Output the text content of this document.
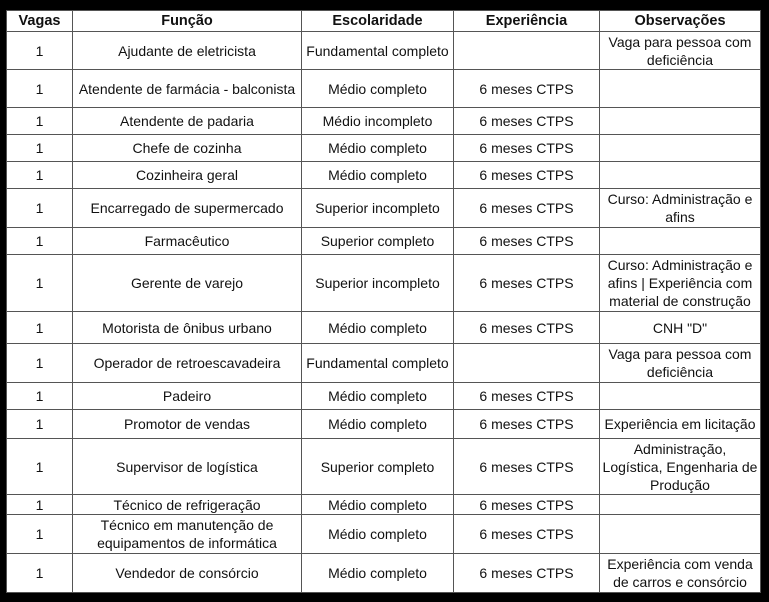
Vagas	Função	Escolaridade	Experiência	Observações
1	Ajudante de eletricista	Fundamental completo		Vaga para pessoa com deficiência
1	Atendente de farmácia - balconista	Médio completo	6 meses CTPS	
1	Atendente de padaria	Médio incompleto	6 meses CTPS	
1	Chefe de cozinha	Médio completo	6 meses CTPS	
1	Cozinheira geral	Médio completo	6 meses CTPS	
1	Encarregado de supermercado	Superior incompleto	6 meses CTPS	Curso: Administração e afins
1	Farmacêutico	Superior completo	6 meses CTPS	
1	Gerente de varejo	Superior incompleto	6 meses CTPS	Curso: Administração e afins | Experiência com material de construção
1	Motorista de ônibus urbano	Médio completo	6 meses CTPS	CNH "D"
1	Operador de retroescavadeira	Fundamental completo		Vaga para pessoa com deficiência
1	Padeiro	Médio completo	6 meses CTPS	
1	Promotor de vendas	Médio completo	6 meses CTPS	Experiência em licitação
1	Supervisor de logística	Superior completo	6 meses CTPS	Administração, Logística, Engenharia de Produção
1	Técnico de refrigeração	Médio completo	6 meses CTPS	
1	Técnico em manutenção de equipamentos de informática	Médio completo	6 meses CTPS	
1	Vendedor de consórcio	Médio completo	6 meses CTPS	Experiência com venda de carros e consórcio
